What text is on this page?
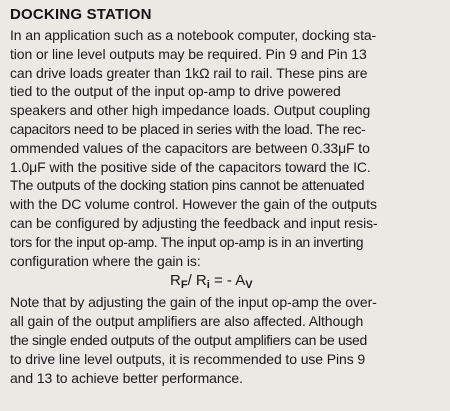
DOCKING STATION
In an application such as a notebook computer, docking sta-
tion or line level outputs may be required. Pin 9 and Pin 13
can drive loads greater than 1kΩ rail to rail. These pins are
tied to the output of the input op-amp to drive powered
speakers and other high impedance loads. Output coupling
capacitors need to be placed in series with the load. The rec-
ommended values of the capacitors are between 0.33μF to
1.0μF with the positive side of the capacitors toward the IC.
The outputs of the docking station pins cannot be attenuated
with the DC volume control. However the gain of the outputs
can be configured by adjusting the feedback and input resis-
tors for the input op-amp. The input op-amp is in an inverting
configuration where the gain is:
$R_F/$ $R_i$ = - $A_V$
Note that by adjusting the gain of the input op-amp the over-
all gain of the output amplifiers are also affected. Although
the single ended outputs of the output amplifiers can be used
to drive line level outputs, it is recommended to use Pins 9
and 13 to achieve better performance.
